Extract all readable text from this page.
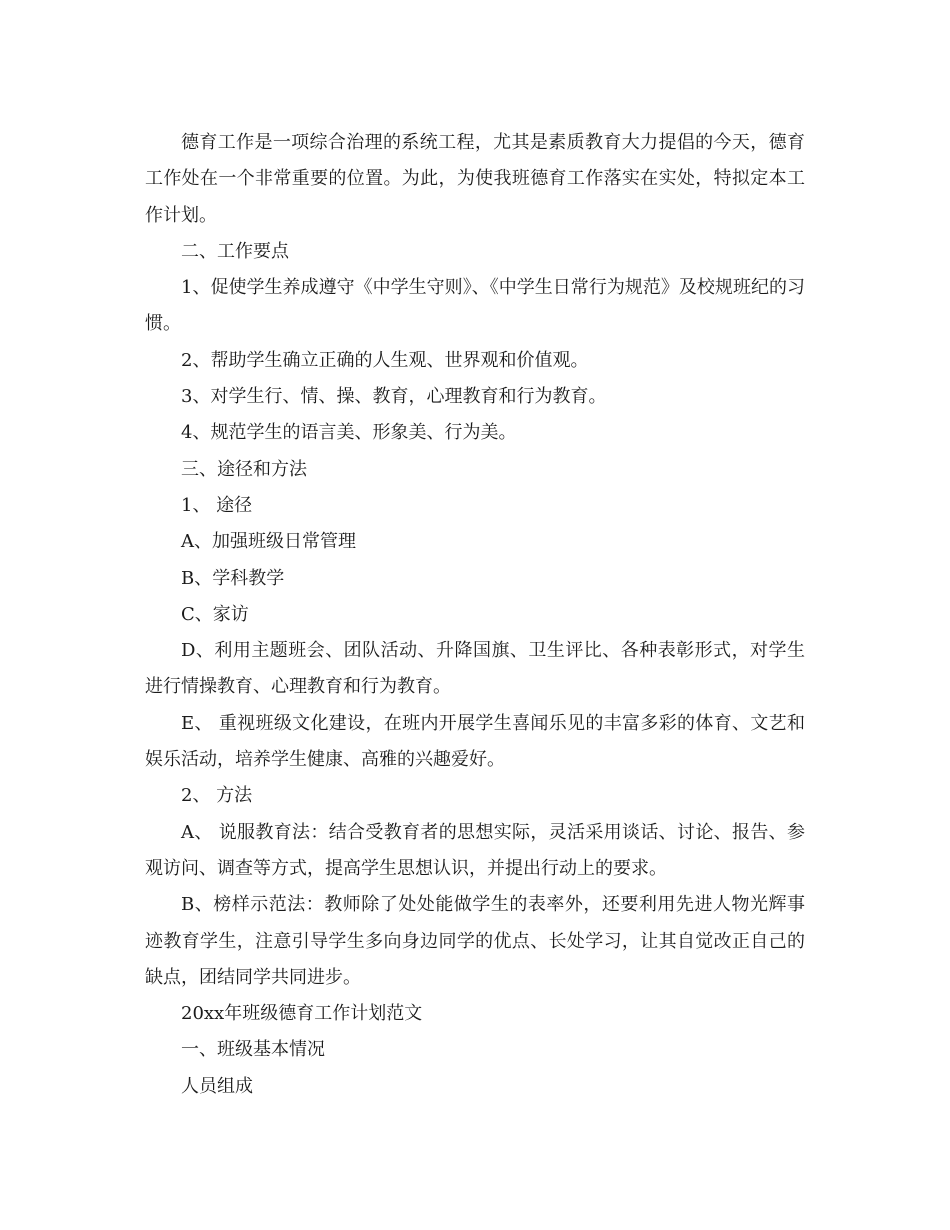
德育工作是一项综合治理的系统工程，尤其是素质教育大力提倡的今天，德育工作处在一个非常重要的位置。为此，为使我班德育工作落实在实处，特拟定本工作计划。

二、工作要点

1、促使学生养成遵守《中学生守则》、《中学生日常行为规范》及校规班纪的习惯。

2、帮助学生确立正确的人生观、世界观和价值观。

3、对学生行、情、操、教育，心理教育和行为教育。

4、规范学生的语言美、形象美、行为美。

三、途径和方法

1、 途径

A、加强班级日常管理

B、学科教学

C、家访

D、利用主题班会、团队活动、升降国旗、卫生评比、各种表彰形式，对学生进行情操教育、心理教育和行为教育。

E、 重视班级文化建设，在班内开展学生喜闻乐见的丰富多彩的体育、文艺和娱乐活动，培养学生健康、高雅的兴趣爱好。

2、 方法

A、 说服教育法：结合受教育者的思想实际，灵活采用谈话、讨论、报告、参观访问、调查等方式，提高学生思想认识，并提出行动上的要求。

B、榜样示范法：教师除了处处能做学生的表率外，还要利用先进人物光辉事迹教育学生，注意引导学生多向身边同学的优点、长处学习，让其自觉改正自己的缺点，团结同学共同进步。

20xx年班级德育工作计划范文

一、班级基本情况

人员组成
